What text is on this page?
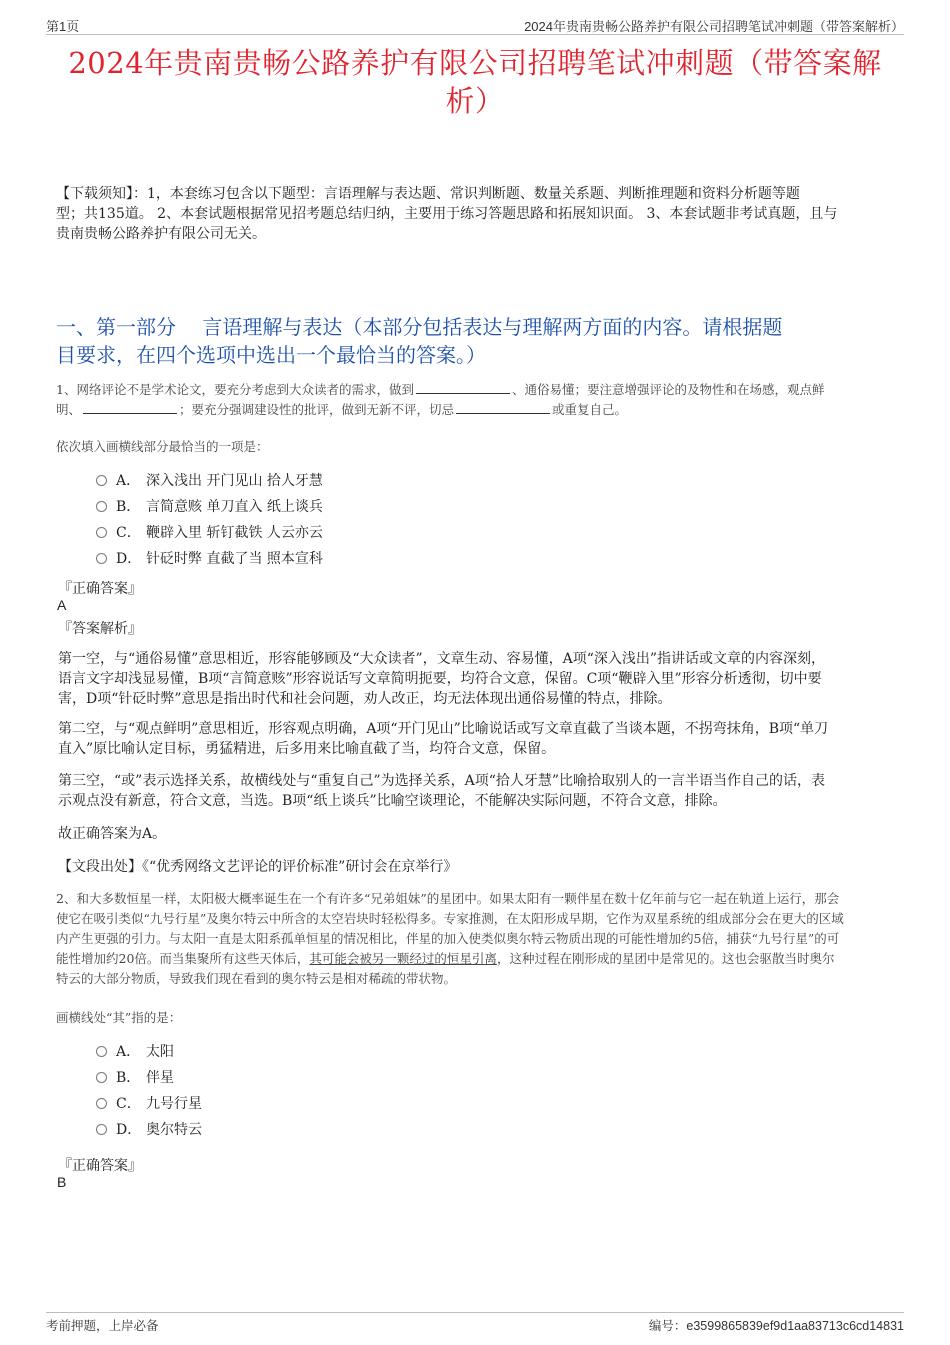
第1页	2024年贵南贵畅公路养护有限公司招聘笔试冲刺题（带答案解析）
2024年贵南贵畅公路养护有限公司招聘笔试冲刺题（带答案解
析）
【下载须知】：1，本套练习包含以下题型：言语理解与表达题、常识判断题、数量关系题、判断推理题和资料分析题等题
型；共135道。 2、本套试题根据常见招考题总结归纳，主要用于练习答题思路和拓展知识面。 3、本套试题非考试真题，且与
贵南贵畅公路养护有限公司无关。
一、第一部分　 言语理解与表达（本部分包括表达与理解两方面的内容。请根据题
目要求，在四个选项中选出一个最恰当的答案。）
1、网络评论不是学术论文，要充分考虑到大众读者的需求，做到	、通俗易懂；要注意增强评论的及物性和在场感，观点鲜
明、	；要充分强调建设性的批评，做到无新不评，切忌	或重复自己。
依次填入画横线部分最恰当的一项是：
A． 深入浅出 开门见山 拾人牙慧
B． 言简意赅 单刀直入 纸上谈兵
C． 鞭辟入里 斩钉截铁 人云亦云
D． 针砭时弊 直截了当 照本宣科
『正确答案』
A
『答案解析』
第一空，与“通俗易懂”意思相近，形容能够顾及“大众读者”，文章生动、容易懂，A项“深入浅出”指讲话或文章的内容深刻，
语言文字却浅显易懂，B项“言简意赅”形容说话写文章简明扼要，均符合文意，保留。C项“鞭辟入里”形容分析透彻，切中要
害，D项“针砭时弊”意思是指出时代和社会问题，劝人改正，均无法体现出通俗易懂的特点，排除。
第二空，与“观点鲜明”意思相近，形容观点明确，A项“开门见山”比喻说话或写文章直截了当谈本题，不拐弯抹角，B项“单刀
直入”原比喻认定目标，勇猛精进，后多用来比喻直截了当，均符合文意，保留。
第三空，“或”表示选择关系，故横线处与“重复自己”为选择关系，A项“拾人牙慧”比喻拾取别人的一言半语当作自己的话，表
示观点没有新意，符合文意，当选。B项“纸上谈兵”比喻空谈理论，不能解决实际问题，不符合文意，排除。
故正确答案为A。
【文段出处】《“优秀网络文艺评论的评价标准”研讨会在京举行》
2、和大多数恒星一样，太阳极大概率诞生在一个有许多“兄弟姐妹”的星团中。如果太阳有一颗伴星在数十亿年前与它一起在轨道上运行，那会
使它在吸引类似“九号行星”及奥尔特云中所含的太空岩块时轻松得多。专家推测，在太阳形成早期，它作为双星系统的组成部分会在更大的区域
内产生更强的引力。与太阳一直是太阳系孤单恒星的情况相比，伴星的加入使类似奥尔特云物质出现的可能性增加约5倍，捕获“九号行星”的可
能性增加约20倍。而当集聚所有这些天体后，其可能会被另一颗经过的恒星引离，这种过程在刚形成的星团中是常见的。这也会驱散当时奥尔
特云的大部分物质，导致我们现在看到的奥尔特云是相对稀疏的带状物。
画横线处“其”指的是：
A． 太阳
B． 伴星
C． 九号行星
D． 奥尔特云
『正确答案』
B
考前押题，上岸必备	编号：e3599865839ef9d1aa83713c6cd14831
